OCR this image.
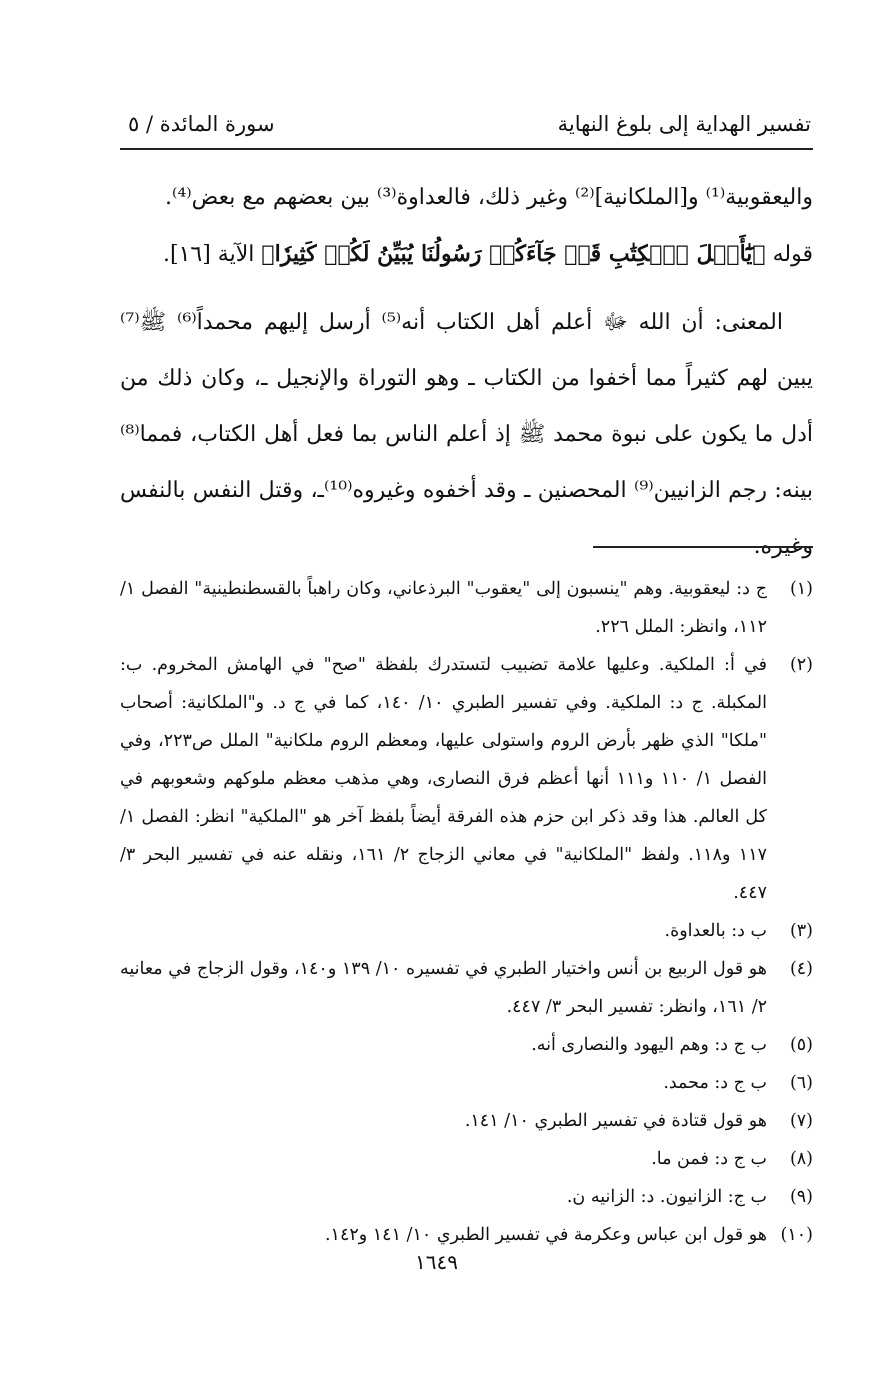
تفسير الهداية إلى بلوغ النهاية
سورة المائدة / ٥

واليعقوبية⁽¹⁾ و[الملكانية]⁽²⁾ وغير ذلك، فالعداوة⁽³⁾ بين بعضهم مع بعض⁽⁴⁾.

قوله ﴿يَٰٓأَهۡلَ ٱلۡكِتَٰبِ قَدۡ جَآءَكُمۡ رَسُولُنَا يُبَيِّنُ لَكُمۡ كَثِيرٗا﴾ الآية [١٦].

المعنى: أن الله ﷻ أعلم أهل الكتاب أنه⁽⁵⁾ أرسل إليهم محمداً⁽⁶⁾ ﷺ⁽⁷⁾ يبين لهم كثيراً مما أخفوا من الكتاب ـ وهو التوراة والإنجيل ـ، وكان ذلك من أدل ما يكون على نبوة محمد ﷺ إذ أعلم الناس بما فعل أهل الكتاب، فمما⁽⁸⁾ بينه: رجم الزانيين⁽⁹⁾ المحصنين ـ وقد أخفوه وغيروه⁽¹⁰⁾ـ، وقتل النفس بالنفس وغيره.

(١)
ج د: ليعقوبية. وهم "ينسبون إلى "يعقوب" البرذعاني، وكان راهباً بالقسطنطينية" الفصل ١/ ١١٢، وانظر: الملل ٢٢٦.
(٢)
في أ: الملكية. وعليها علامة تضبيب لتستدرك بلفظة "صح" في الهامش المخروم. ب: المكبلة. ج د: الملكية. وفي تفسير الطبري ١٠/ ١٤٠، كما في ج د. و"الملكانية: أصحاب "ملكا" الذي ظهر بأرض الروم واستولى عليها، ومعظم الروم ملكانية" الملل ص٢٢٣، وفي الفصل ١/ ١١٠ و١١١ أنها أعظم فرق النصارى، وهي مذهب معظم ملوكهم وشعوبهم في كل العالم. هذا وقد ذكر ابن حزم هذه الفرقة أيضاً بلفظ آخر هو "الملكية" انظر: الفصل ١/ ١١٧ و١١٨. ولفظ "الملكانية" في معاني الزجاج ٢/ ١٦١، ونقله عنه في تفسير البحر ٣/ ٤٤٧.
(٣)
ب د: بالعداوة.
(٤)
هو قول الربيع بن أنس واختيار الطبري في تفسيره ١٠/ ١٣٩ و١٤٠، وقول الزجاج في معانيه ٢/ ١٦١، وانظر: تفسير البحر ٣/ ٤٤٧.
(٥)
ب ج د: وهم اليهود والنصارى أنه.
(٦)
ب ج د: محمد.
(٧)
هو قول قتادة في تفسير الطبري ١٠/ ١٤١.
(٨)
ب ج د: فمن ما.
(٩)
ب ج: الزانيون. د: الزانيه ن.
(١٠)
هو قول ابن عباس وعكرمة في تفسير الطبري ١٠/ ١٤١ و١٤٢.
١٦٤٩
